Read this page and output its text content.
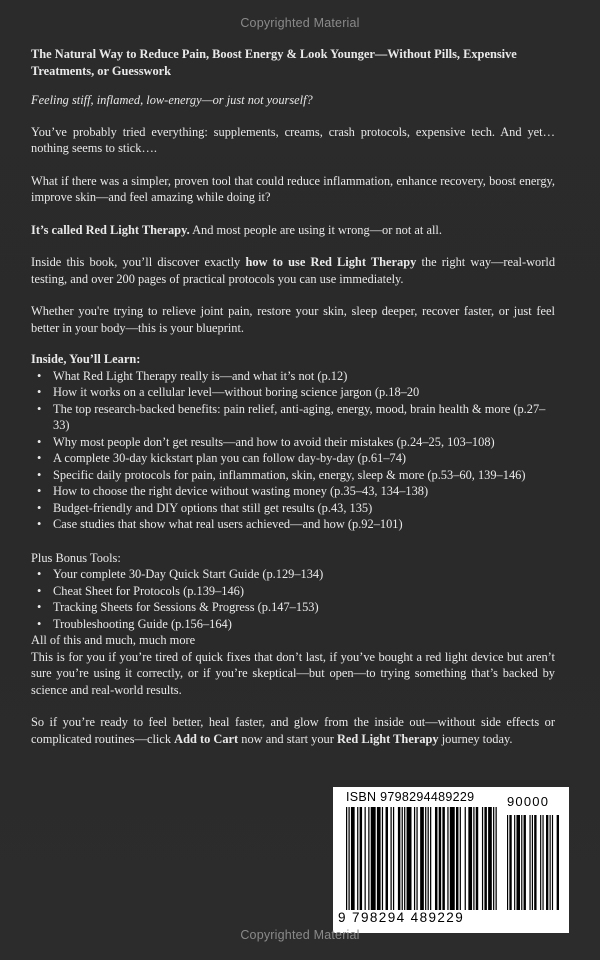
Copyrighted Material

The Natural Way to Reduce Pain, Boost Energy & Look Younger—Without Pills, Expensive Treatments, or Guesswork

Feeling stiff, inflamed, low-energy—or just not yourself?

You’ve probably tried everything: supplements, creams, crash protocols, expensive tech. And yet… nothing seems to stick….

What if there was a simpler, proven tool that could reduce inflammation, enhance recovery, boost energy, improve skin—and feel amazing while doing it?

It’s called Red Light Therapy. And most people are using it wrong—or not at all.

Inside this book, you’ll discover exactly how to use Red Light Therapy the right way—real-world testing, and over 200 pages of practical protocols you can use immediately.

Whether you're trying to relieve joint pain, restore your skin, sleep deeper, recover faster, or just feel better in your body—this is your blueprint.

Inside, You’ll Learn:

• What Red Light Therapy really is—and what it’s not (p.12)
• How it works on a cellular level—without boring science jargon (p.18–20
• The top research-backed benefits: pain relief, anti-aging, energy, mood, brain health & more (p.27–33)
• Why most people don’t get results—and how to avoid their mistakes (p.24–25, 103–108)
• A complete 30-day kickstart plan you can follow day-by-day (p.61–74)
• Specific daily protocols for pain, inflammation, skin, energy, sleep & more (p.53–60, 139–146)
• How to choose the right device without wasting money (p.35–43, 134–138)
• Budget-friendly and DIY options that still get results (p.43, 135)
• Case studies that show what real users achieved—and how (p.92–101)

Plus Bonus Tools:

• Your complete 30-Day Quick Start Guide (p.129–134)
• Cheat Sheet for Protocols (p.139–146)
• Tracking Sheets for Sessions & Progress (p.147–153)
• Troubleshooting Guide (p.156–164)

All of this and much, much more

This is for you if you’re tired of quick fixes that don’t last, if you’ve bought a red light device but aren’t sure you’re using it correctly, or if you’re skeptical—but open—to trying something that’s backed by science and real-world results.

So if you’re ready to feel better, heal faster, and glow from the inside out—without side effects or complicated routines—click Add to Cart now and start your Red Light Therapy journey today.

ISBN 9798294489229	90000
9 798294 489229
Copyrighted Material
